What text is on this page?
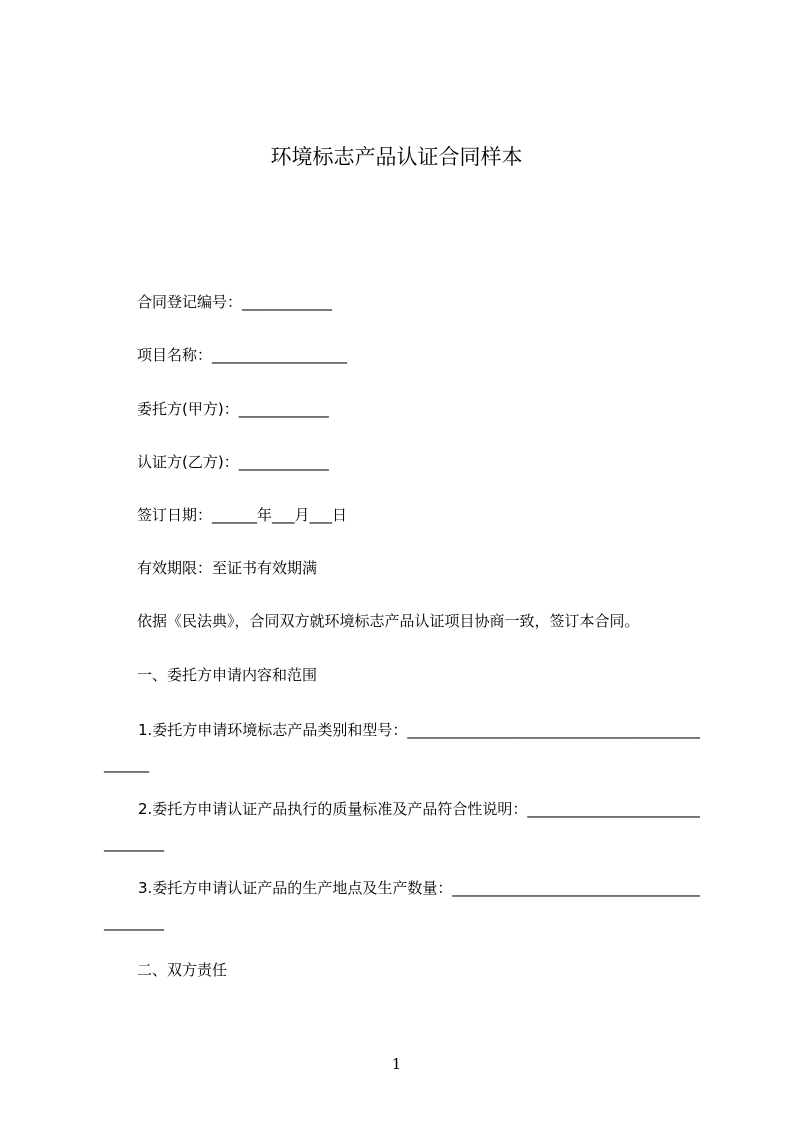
环境标志产品认证合同样本
合同登记编号：____________
项目名称：__________________
委托方(甲方)：____________
认证方(乙方)：____________
签订日期：______年___月___日
有效期限：至证书有效期满
依据《民法典》，合同双方就环境标志产品认证项目协商一致，签订本合同。
一、委托方申请内容和范围
1.委托方申请环境标志产品类别和型号：_____________________________________________
2.委托方申请认证产品执行的质量标准及产品符合性说明：_______________________________
3.委托方申请认证产品的生产地点及生产数量：_________________________________________
二、双方责任
1
